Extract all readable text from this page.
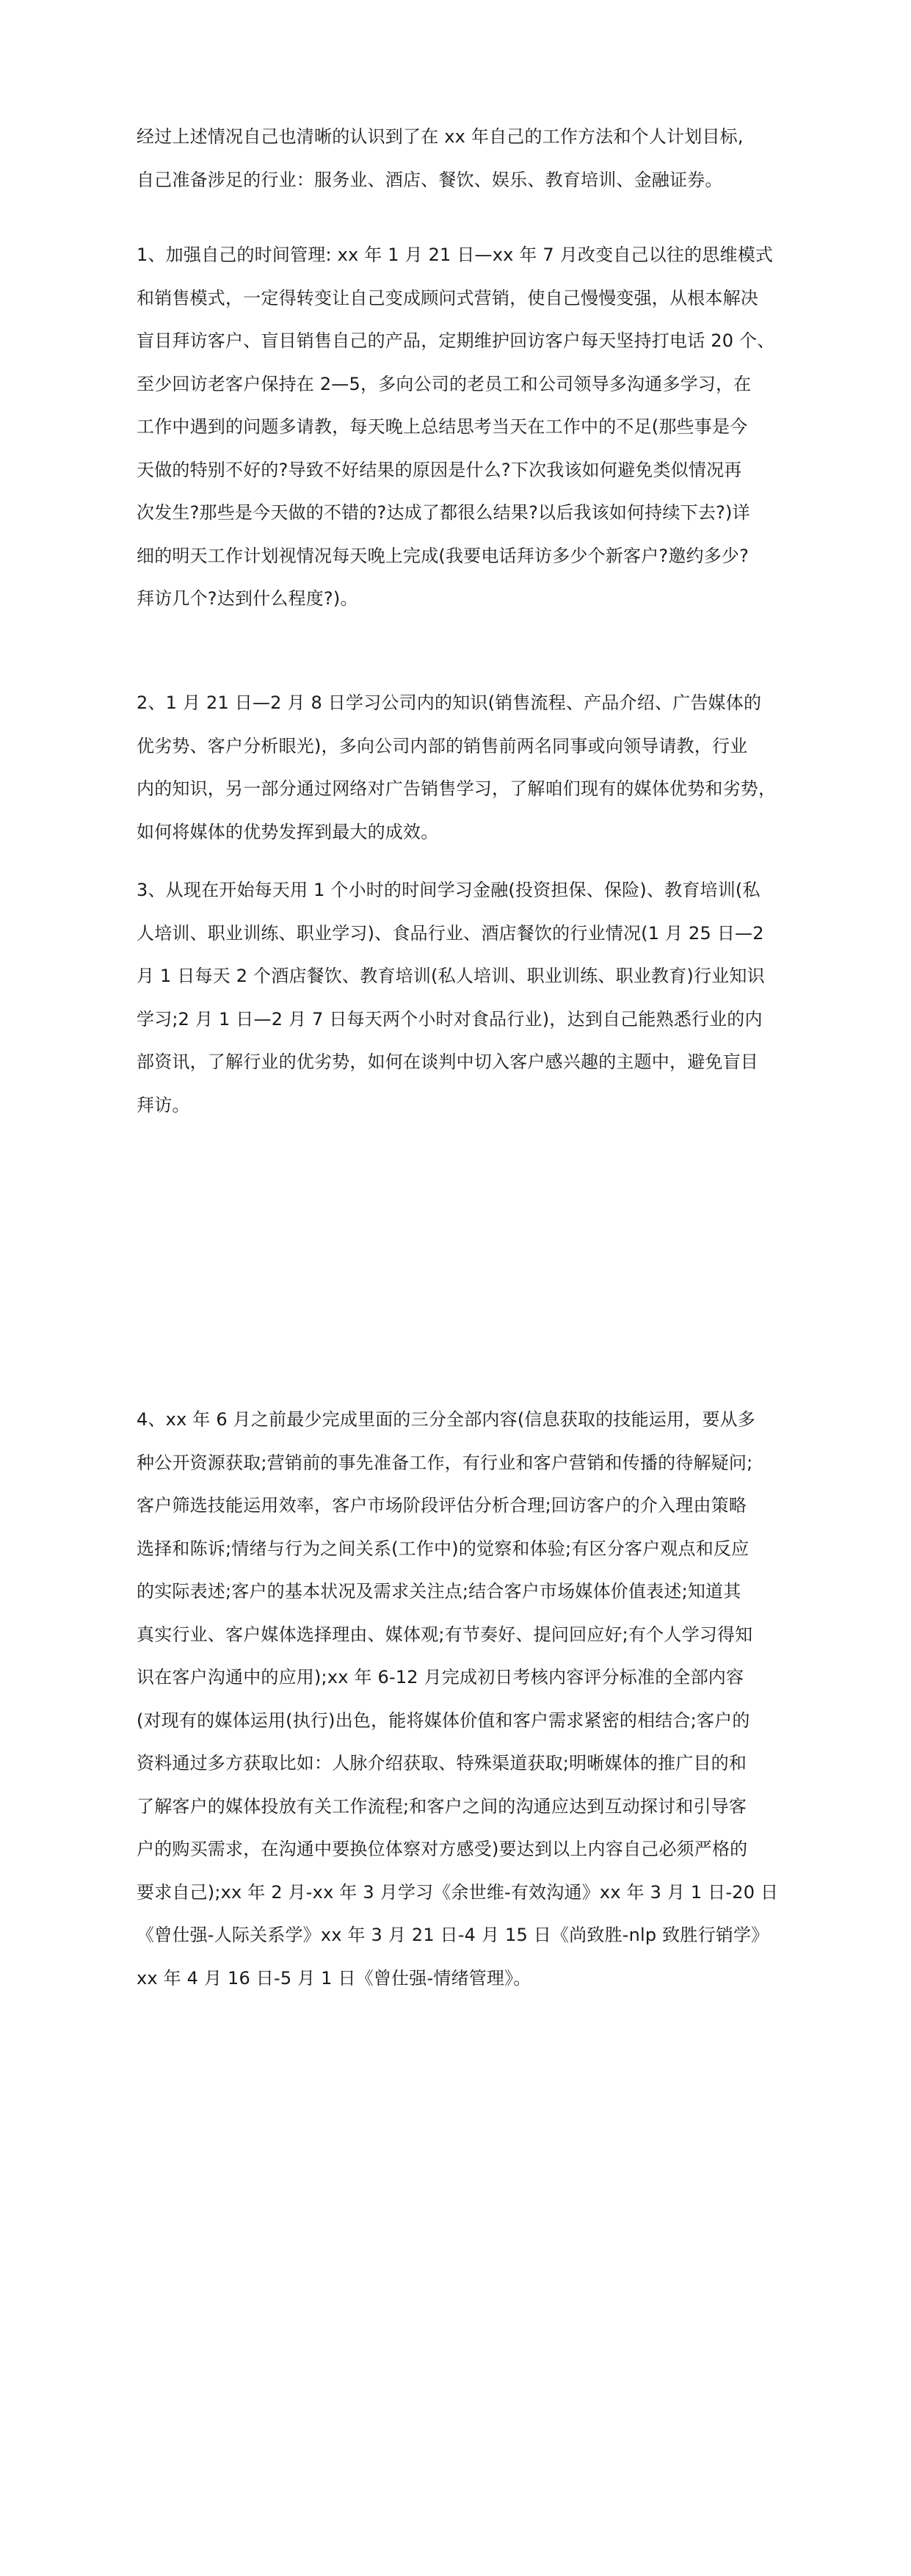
经过上述情况自己也清晰的认识到了在 xx 年自己的工作方法和个人计划目标,
自己准备涉足的行业：服务业、酒店、餐饮、娱乐、教育培训、金融证券。
1、加强自己的时间管理: xx 年 1 月 21 日—xx 年 7 月改变自己以往的思维模式
和销售模式，一定得转变让自己变成顾问式营销，使自己慢慢变强，从根本解决
盲目拜访客户、盲目销售自己的产品，定期维护回访客户每天坚持打电话 20 个、
至少回访老客户保持在 2—5，多向公司的老员工和公司领导多沟通多学习，在
工作中遇到的问题多请教，每天晚上总结思考当天在工作中的不足(那些事是今
天做的特别不好的?导致不好结果的原因是什么?下次我该如何避免类似情况再
次发生?那些是今天做的不错的?达成了都很么结果?以后我该如何持续下去?)详
细的明天工作计划视情况每天晚上完成(我要电话拜访多少个新客户?邀约多少?
拜访几个?达到什么程度?)。
2、1 月 21 日—2 月 8 日学习公司内的知识(销售流程、产品介绍、广告媒体的
优劣势、客户分析眼光)，多向公司内部的销售前两名同事或向领导请教，行业
内的知识，另一部分通过网络对广告销售学习，了解咱们现有的媒体优势和劣势，
如何将媒体的优势发挥到最大的成效。
3、从现在开始每天用 1 个小时的时间学习金融(投资担保、保险)、教育培训(私
人培训、职业训练、职业学习)、食品行业、酒店餐饮的行业情况(1 月 25 日—2
月 1 日每天 2 个酒店餐饮、教育培训(私人培训、职业训练、职业教育)行业知识
学习;2 月 1 日—2 月 7 日每天两个小时对食品行业)，达到自己能熟悉行业的内
部资讯，了解行业的优劣势，如何在谈判中切入客户感兴趣的主题中，避免盲目
拜访。
4、xx 年 6 月之前最少完成里面的三分全部内容(信息获取的技能运用，要从多
种公开资源获取;营销前的事先准备工作，有行业和客户营销和传播的待解疑问;
客户筛选技能运用效率，客户市场阶段评估分析合理;回访客户的介入理由策略
选择和陈诉;情绪与行为之间关系(工作中)的觉察和体验;有区分客户观点和反应
的实际表述;客户的基本状况及需求关注点;结合客户市场媒体价值表述;知道其
真实行业、客户媒体选择理由、媒体观;有节奏好、提问回应好;有个人学习得知
识在客户沟通中的应用);xx 年 6-12 月完成初日考核内容评分标准的全部内容
(对现有的媒体运用(执行)出色，能将媒体价值和客户需求紧密的相结合;客户的
资料通过多方获取比如：人脉介绍获取、特殊渠道获取;明晰媒体的推广目的和
了解客户的媒体投放有关工作流程;和客户之间的沟通应达到互动探讨和引导客
户的购买需求，在沟通中要换位体察对方感受)要达到以上内容自己必须严格的
要求自己);xx 年 2 月-xx 年 3 月学习《余世维-有效沟通》xx 年 3 月 1 日-20 日
《曾仕强-人际关系学》xx 年 3 月 21 日-4 月 15 日《尚致胜-nlp 致胜行销学》
xx 年 4 月 16 日-5 月 1 日《曾仕强-情绪管理》。
